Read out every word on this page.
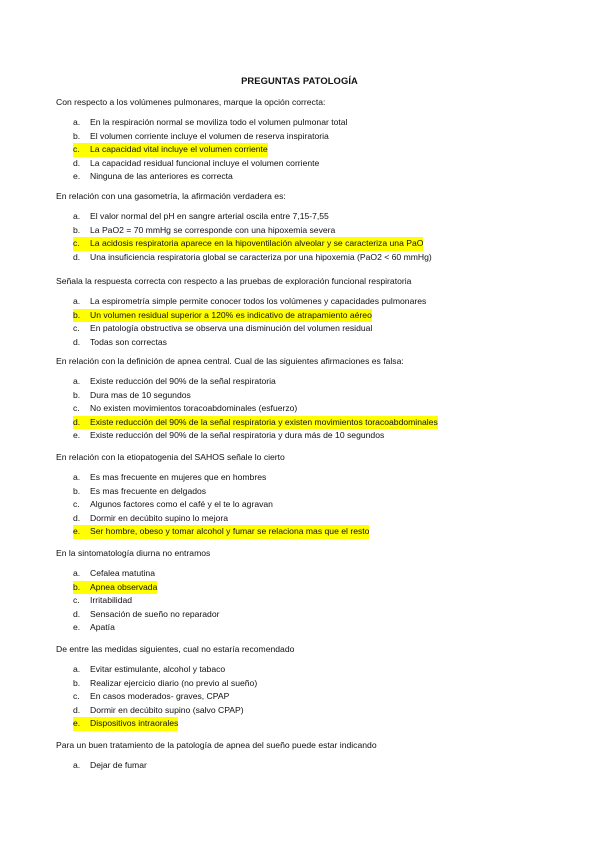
PREGUNTAS PATOLOGÍA
Con respecto a los volúmenes pulmonares, marque la opción correcta:
a.	En la respiración normal se moviliza todo el volumen pulmonar total
b.	El volumen corriente incluye el volumen de reserva inspiratoria
c.	La capacidad vital incluye el volumen corriente
d.	La capacidad residual funcional incluye el volumen corriente
e.	Ninguna de las anteriores es correcta
En relación con una gasometría, la afirmación verdadera es:
a.	El valor normal del pH en sangre arterial oscila entre 7,15-7,55
b.	La PaO2 = 70 mmHg se corresponde con una hipoxemia severa
c.	La acidosis respiratoria aparece en la hipoventilación alveolar y se caracteriza una PaO
d.	Una insuficiencia respiratoria global se caracteriza por una hipoxemia (PaO2 < 60 mmHg)
Señala la respuesta correcta con respecto a las pruebas de exploración funcional respiratoria
a.	La espirometría simple permite conocer todos los volúmenes y capacidades pulmonares
b.	Un volumen residual superior a 120% es indicativo de atrapamiento aéreo
c.	En patología obstructiva se observa una disminución del volumen residual
d.	Todas son correctas
En relación con la definición de apnea central. Cual de las siguientes afirmaciones es falsa:
a.	Existe reducción del 90% de la señal respiratoria
b.	Dura mas de 10 segundos
c.	No existen movimientos toracoabdominales (esfuerzo)
d.	Existe reducción del 90% de la señal respiratoria y existen movimientos toracoabdominales
e.	Existe reducción del 90% de la señal respiratoria y dura más de 10 segundos
En relación con la etiopatogenia del SAHOS señale lo cierto
a.	Es mas frecuente en mujeres que en hombres
b.	Es mas frecuente en delgados
c.	Algunos factores como el café y el te lo agravan
d.	Dormir en decúbito supino lo mejora
e.	Ser hombre, obeso y tomar alcohol y fumar se relaciona mas que el resto
En la sintomatología diurna no entramos
a.	Cefalea matutina
b.	Apnea observada
c.	Irritabilidad
d.	Sensación de sueño no reparador
e.	Apatía
De entre las medidas siguientes, cual no estaría recomendado
a.	Evitar estimulante, alcohol y tabaco
b.	Realizar ejercicio diario (no previo al sueño)
c.	En casos moderados- graves, CPAP
d.	Dormir en decúbito supino (salvo CPAP)
e.	Dispositivos intraorales
Para un buen tratamiento de la patología de apnea del sueño puede estar indicando
a.	Dejar de fumar
